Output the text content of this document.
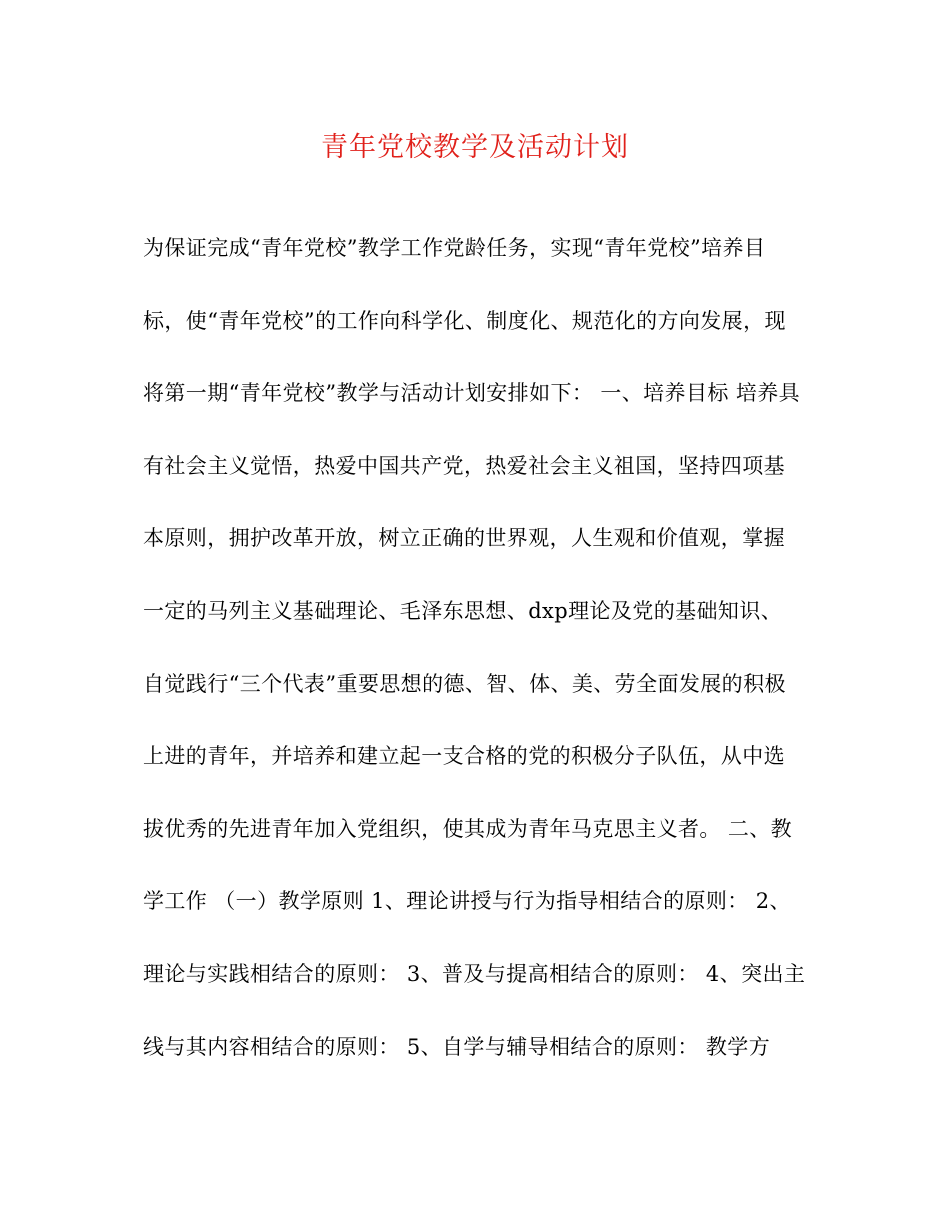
青年党校教学及活动计划
为保证完成“青年党校”教学工作党龄任务，实现“青年党校”培养目
标，使“青年党校”的工作向科学化、制度化、规范化的方向发展，现
将第一期“青年党校”教学与活动计划安排如下： 一、培养目标 培养具
有社会主义觉悟，热爱中国共产党，热爱社会主义祖国，坚持四项基
本原则，拥护改革开放，树立正确的世界观，人生观和价值观，掌握
一定的马列主义基础理论、毛泽东思想、dxp理论及党的基础知识、
自觉践行“三个代表”重要思想的德、智、体、美、劳全面发展的积极
上进的青年，并培养和建立起一支合格的党的积极分子队伍，从中选
拔优秀的先进青年加入党组织，使其成为青年马克思主义者。 二、教
学工作 （一）教学原则 1、理论讲授与行为指导相结合的原则： 2、
理论与实践相结合的原则： 3、普及与提高相结合的原则： 4、突出主
线与其内容相结合的原则： 5、自学与辅导相结合的原则： 教学方
